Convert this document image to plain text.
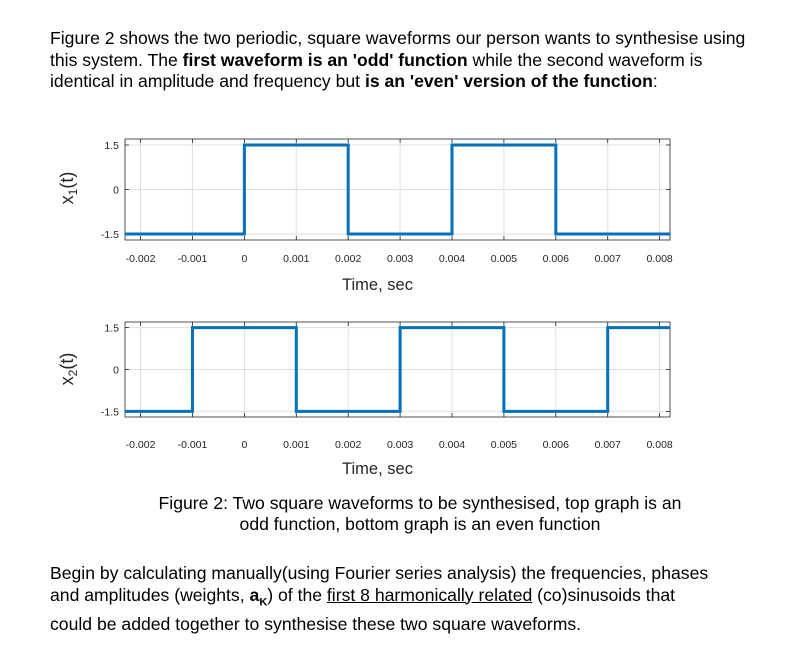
Figure 2 shows the two periodic, square waveforms our person wants to synthesise using this system. The first waveform is an 'odd' function while the second waveform is identical in amplitude and frequency but is an 'even' version of the function:

1.5
0
-1.5
-0.002 -0.001	0	0.001 0.002 0.003 0.004 0.005 0.006 0.007 0.008
$x_1(t)$
Time, sec
1.5
0
-1.5
-0.002 -0.001	0	0.001 0.002 0.003 0.004 0.005 0.006 0.007 0.008
$x_2(t)$
Time, sec
Figure 2: Two square waveforms to be synthesised, top graph is an
odd function, bottom graph is an even function

Begin by calculating manually(using Fourier series analysis) the frequencies, phases and amplitudes (weights, $a_K$) of the first 8 harmonically related (co)sinusoids that could be added together to synthesise these two square waveforms.
